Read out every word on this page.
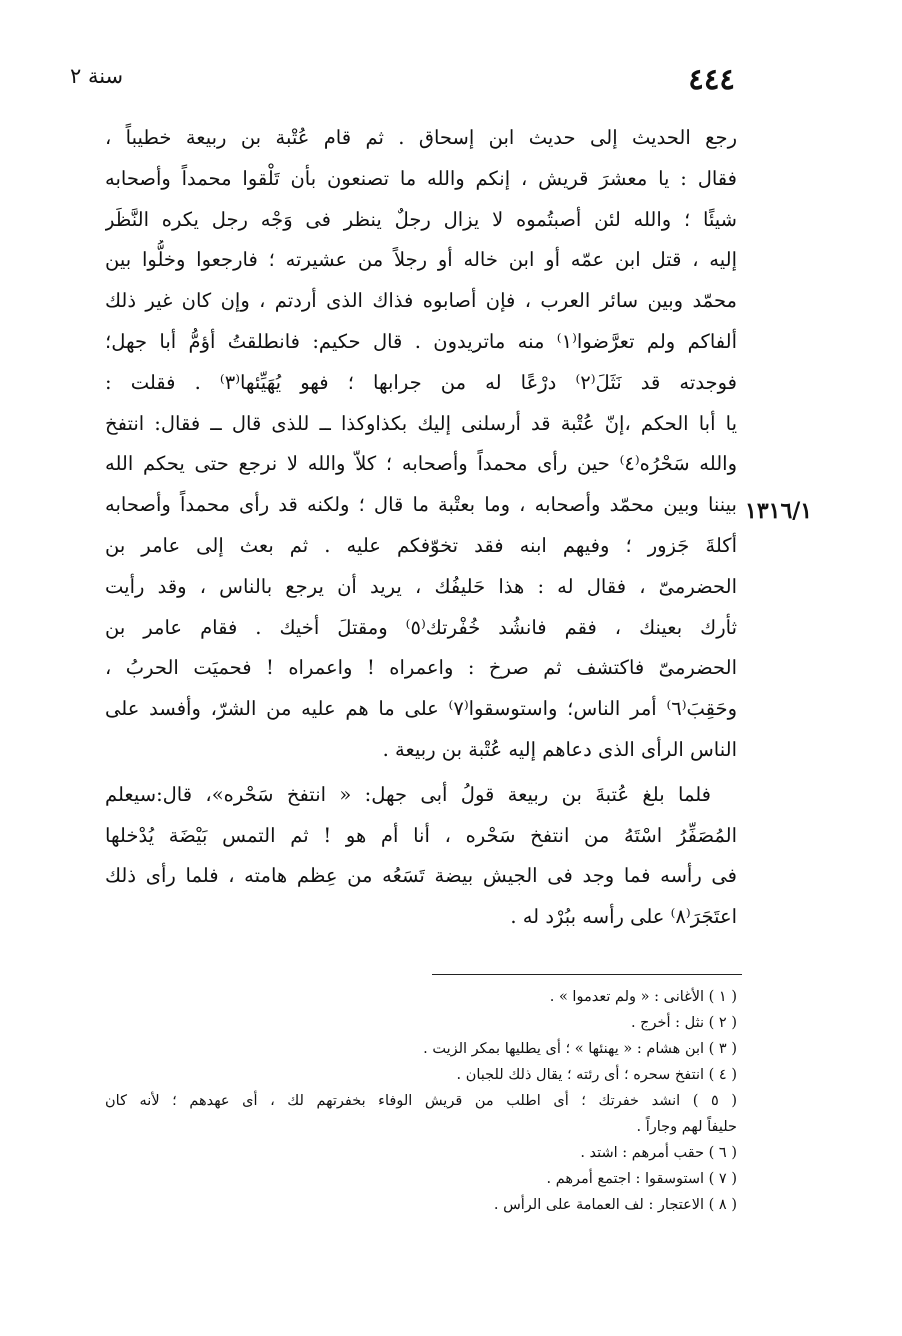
٤٤٤
سنة ٢
١٣١٦/١
رجع الحديث إلى حديث ابن إسحاق . ثم قام عُتْبة بن ربيعة خطيباً ،
فقال : يا معشرَ قريش ، إنكم والله ما تصنعون بأن تَلْقوا محمداً وأصحابه
شيئًا ؛ والله لئن أصبتُموه لا يزال رجلٌ ينظر فى وَجْه رجل يكره النَّظَر
إليه ، قتل ابن عمّه أو ابن خاله أو رجلاً من عشيرته ؛ فارجعوا وخلُّوا بين
محمّد وبين سائر العرب ، فإن أصابوه فذاك الذى أردتم ، وإن كان غير ذلك
ألفاكم ولم تعرَّضوا⁽١⁾ منه ماتريدون . قال حكيم: فانطلقتُ أؤمُّ أبا جهل؛
فوجدته قد نَثَلَ⁽٢⁾ درْعًا له من جرابها ؛ فهو يُهَيِّئها⁽٣⁾ . فقلت :
يا أبا الحكم ،إنّ عُتْبة قد أرسلنى إليك بكذاوكذا ــ للذى قال ــ فقال: انتفخ
والله سَحْرُه⁽٤⁾ حين رأى محمداً وأصحابه ؛ كلاّ والله لا نرجع حتى يحكم الله
بيننا وبين محمّد وأصحابه ، وما بعتْبة ما قال ؛ ولكنه قد رأى محمداً وأصحابه
أكلةَ جَزور ؛ وفيهم ابنه فقد تخوّفكم عليه . ثم بعث إلى عامر بن
الحضرمىّ ، فقال له : هذا حَليفُك ، يريد أن يرجع بالناس ، وقد رأيت
ثأرك بعينك ، فقم فانشُد خُفْرتك⁽٥⁾ ومقتلَ أخيك . فقام عامر بن
الحضرمىّ فاكتشف ثم صرخ : واعمراه ! واعمراه ! فحميَت الحربُ ،
وحَقِبَ⁽٦⁾ أمر الناس؛ واستوسقوا⁽٧⁾ على ما هم عليه من الشرّ، وأفسد على
الناس الرأى الذى دعاهم إليه عُتْبة بن ربيعة .
فلما بلغ عُتبةَ بن ربيعة قولُ أبى جهل: « انتفخ سَحْره»، قال:سيعلم
المُصَفِّرُ اسْتَهُ من انتفخ سَحْره ، أنا أم هو ! ثم التمس بَيْضَة يُدْخلها
فى رأسه فما وجد فى الجيش بيضة تَسَعُه من عِظم هامته ، فلما رأى ذلك
اعتَجَرَ⁽٨⁾ على رأسه ببُرْد له .
( ١ ) الأغانى : « ولم تعدموا » .
( ٢ ) نثل : أخرج .
( ٣ ) ابن هشام : « يهنئها » ؛ أى يطليها بمكر الزيت .
( ٤ ) انتفخ سحره ؛ أى رئته ؛ يقال ذلك للجبان .
( ٥ ) انشد خفرتك ؛ أى اطلب من قريش الوفاء بخفرتهم لك ، أى عهدهم ؛ لأنه كان
حليفاً لهم وجاراً .
( ٦ ) حقب أمرهم : اشتد .
( ٧ ) استوسقوا : اجتمع أمرهم .
( ٨ ) الاعتجار : لف العمامة على الرأس .
